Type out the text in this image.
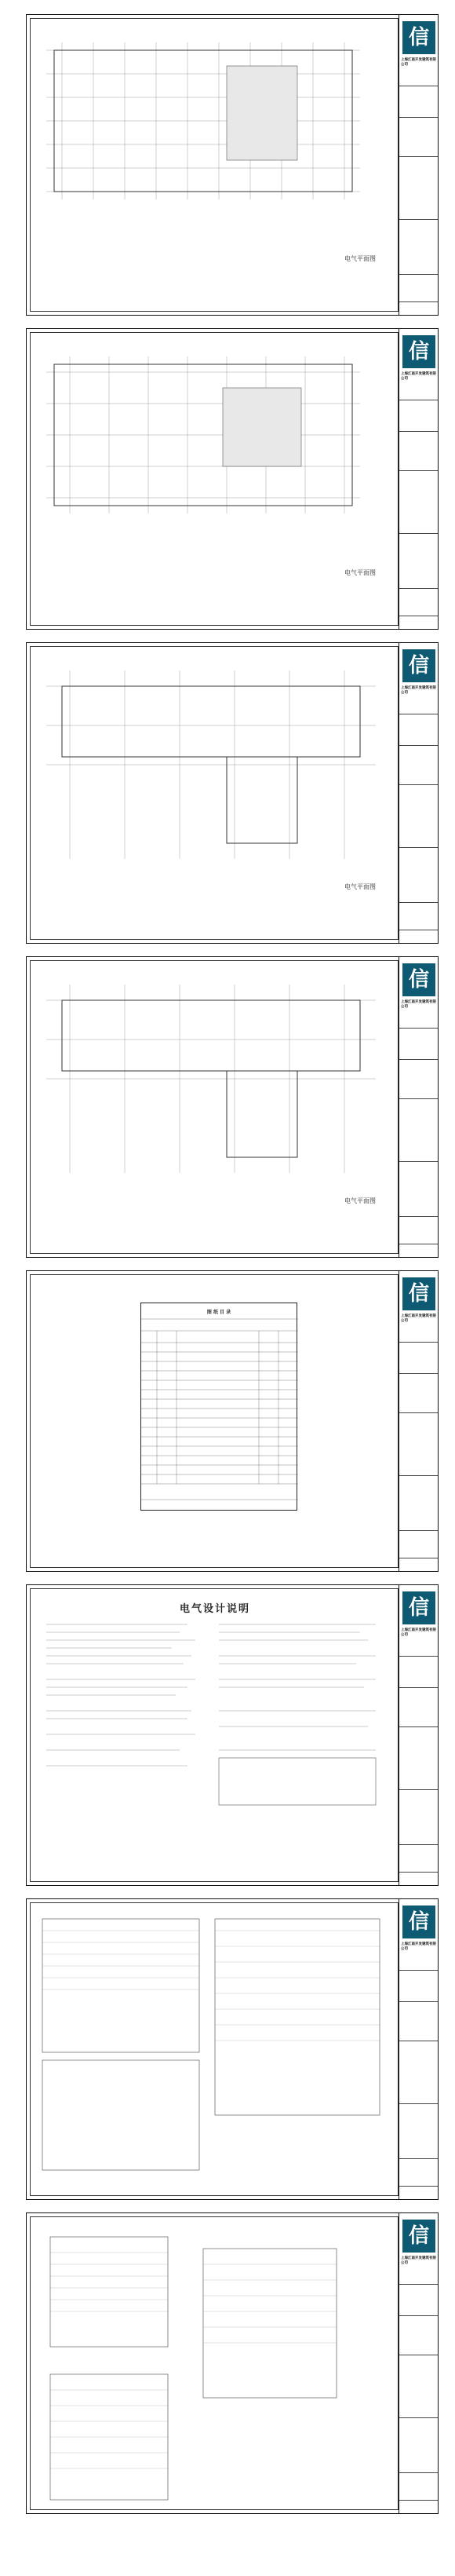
电气平面图
信
上海江南开发建筑有限公司
电气平面图
信
上海江南开发建筑有限公司
电气平面图
信
上海江南开发建筑有限公司
电气平面图
信
上海江南开发建筑有限公司
图 纸 目 录
信
上海江南开发建筑有限公司
电气设计说明	信
上海江南开发建筑有限公司
信
上海江南开发建筑有限公司
信
上海江南开发建筑有限公司
